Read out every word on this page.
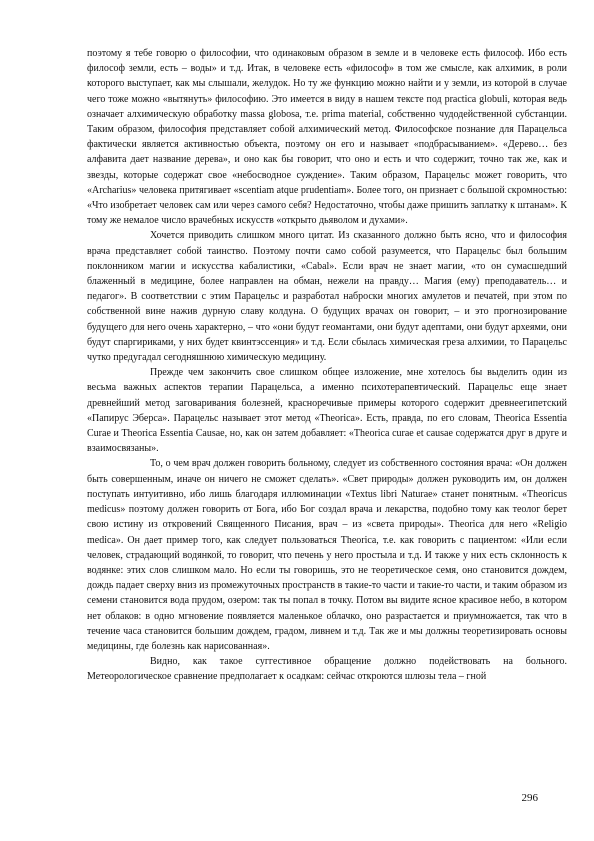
поэтому я тебе говорю о философии, что одинаковым образом в земле и в человеке есть философ. Ибо есть философ земли, есть – воды» и т.д. Итак, в человеке есть «философ» в том же смысле, как алхимик, в роли которого выступает, как мы слышали, желудок. Но ту же функцию можно найти и у земли, из которой в случае чего тоже можно «вытянуть» философию. Это имеется в виду в нашем тексте под practica globuli, которая ведь означает алхимическую обработку massa globosa, т.е. prima material, собственно чудодейственной субстанции. Таким образом, философия представляет собой алхимический метод. Философское познание для Парацельса фактически является активностью объекта, поэтому он его и называет «подбрасыванием». «Дерево… без алфавита дает название дерева», и оно как бы говорит, что оно и есть и что содержит, точно так же, как и звезды, которые содержат свое «небосводное суждение». Таким образом, Парацельс может говорить, что «Archarius» человека притягивает «scentiam atque prudentiam». Более того, он признает с большой скромностью: «Что изобретает человек сам или через самого себя? Недостаточно, чтобы даже пришить заплатку к штанам». К тому же немалое число врачебных искусств «открыто дьяволом и духами».

Хочется приводить слишком много цитат. Из сказанного должно быть ясно, что и философия врача представляет собой таинство. Поэтому почти само собой разумеется, что Парацельс был большим поклонником магии и искусства кабалистики, «Cabal». Если врач не знает магии, «то он сумасшедший блаженный в медицине, более направлен на обман, нежели на правду… Магия (ему) преподаватель… и педагог». В соответствии с этим Парацельс и разработал наброски многих амулетов и печатей, при этом по собственной вине нажив дурную славу колдуна. О будущих врачах он говорит, – и это прогнозирование будущего для него очень характерно, – что «они будут геомантами, они будут адептами, они будут археями, они будут спаргириками, у них будет квинтэссенция» и т.д. Если сбылась химическая греза алхимии, то Парацельс чутко предугадал сегодняшнюю химическую медицину.

Прежде чем закончить свое слишком общее изложение, мне хотелось бы выделить один из весьма важных аспектов терапии Парацельса, а именно психотерапевтический. Парацельс еще знает древнейший метод заговаривания болезней, красноречивые примеры которого содержит древнеегипетский «Папирус Эберса». Парацельс называет этот метод «Theorica». Есть, правда, по его словам, Theorica Essentia Curae и Theorica Essentia Causae, но, как он затем добавляет: «Theorica curae et causae содержатся друг в друге и взаимосвязаны».

То, о чем врач должен говорить больному, следует из собственного состояния врача: «Он должен быть совершенным, иначе он ничего не сможет сделать». «Свет природы» должен руководить им, он должен поступать интуитивно, ибо лишь благодаря иллюминации «Textus libri Naturae» станет понятным. «Theoricus medicus» поэтому должен говорить от Бога, ибо Бог создал врача и лекарства, подобно тому как теолог берет свою истину из откровений Священного Писания, врач – из «света природы». Theorica для него «Religio medica». Он дает пример того, как следует пользоваться Theorica, т.е. как говорить с пациентом: «Или если человек, страдающий водянкой, то говорит, что печень у него простыла и т.д. И также у них есть склонность к водянке: этих слов слишком мало. Но если ты говоришь, это не теоретическое семя, оно становится дождем, дождь падает сверху вниз из промежуточных пространств в такие-то части и такие-то части, и таким образом из семени становится вода прудом, озером: так ты попал в точку. Потом вы видите ясное красивое небо, в котором нет облаков: в одно мгновение появляется маленькое облачко, оно разрастается и приумножается, так что в течение часа становится большим дождем, градом, ливнем и т.д. Так же и мы должны теоретизировать основы медицины, где болезнь как нарисованная».

Видно, как такое суггестивное обращение должно подействовать на больного. Метеорологическое сравнение предполагает к осадкам: сейчас откроются шлюзы тела – гной

296
